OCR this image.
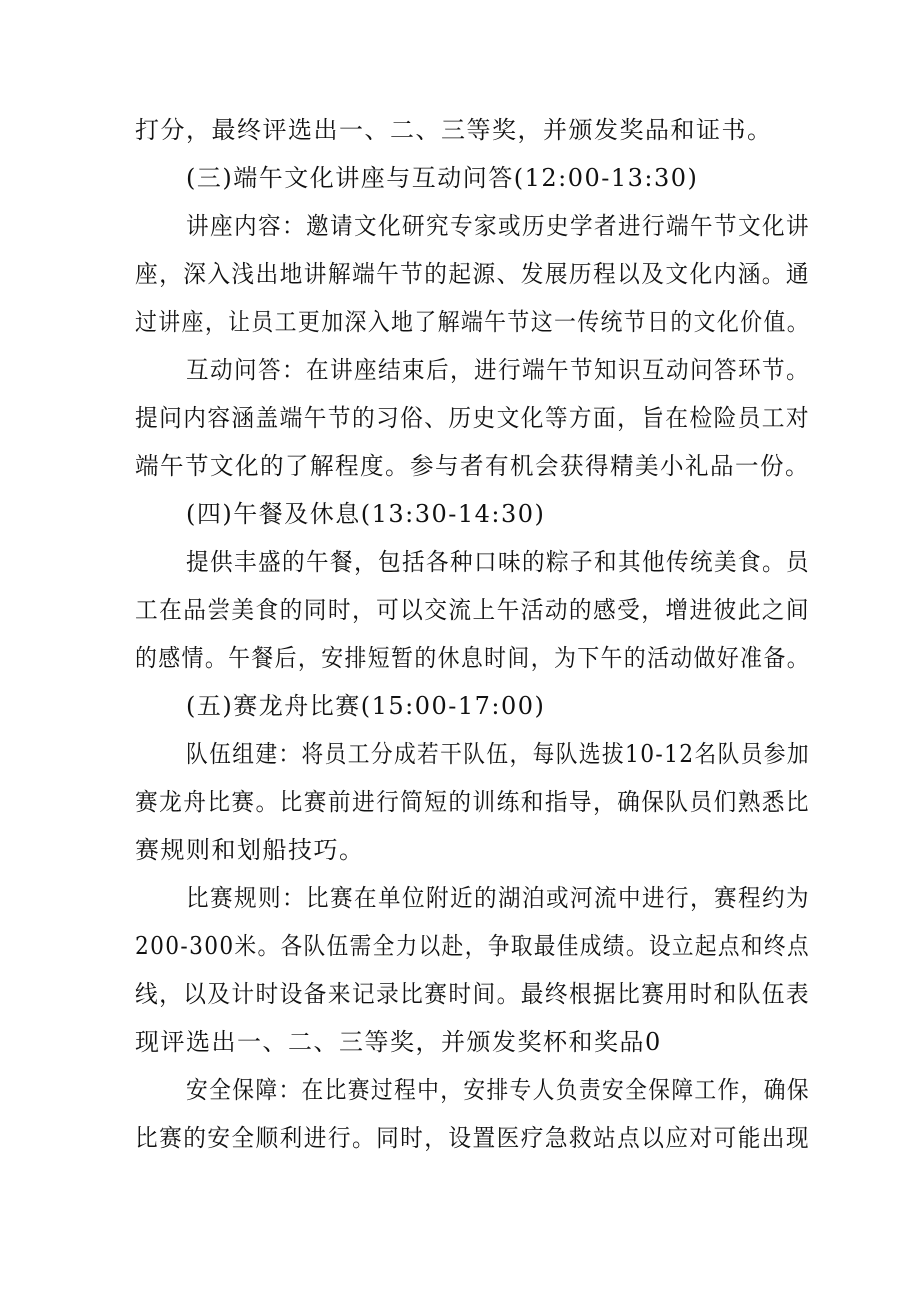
打分，最终评选出一、二、三等奖，并颁发奖品和证书。
(三)端午文化讲座与互动问答(12:00-13:30)
讲座内容：邀请文化研究专家或历史学者进行端午节文化讲
座，深入浅出地讲解端午节的起源、发展历程以及文化内涵。通
过讲座，让员工更加深入地了解端午节这一传统节日的文化价值。
互动问答：在讲座结束后，进行端午节知识互动问答环节。
提问内容涵盖端午节的习俗、历史文化等方面，旨在检险员工对
端午节文化的了解程度。参与者有机会获得精美小礼品一份。
(四)午餐及休息(13:30-14:30)
提供丰盛的午餐，包括各种口味的粽子和其他传统美食。员
工在品尝美食的同时，可以交流上午活动的感受，增进彼此之间
的感情。午餐后，安排短暂的休息时间，为下午的活动做好准备。
(五)赛龙舟比赛(15:00-17:00)
队伍组建：将员工分成若干队伍，每队选拔10-12名队员参加
赛龙舟比赛。比赛前进行简短的训练和指导，确保队员们熟悉比
赛规则和划船技巧。
比赛规则：比赛在单位附近的湖泊或河流中进行，赛程约为
200-300米。各队伍需全力以赴，争取最佳成绩。设立起点和终点
线，以及计时设备来记录比赛时间。最终根据比赛用时和队伍表
现评选出一、二、三等奖，并颁发奖杯和奖品0
安全保障：在比赛过程中，安排专人负责安全保障工作，确保
比赛的安全顺利进行。同时，设置医疗急救站点以应对可能出现
